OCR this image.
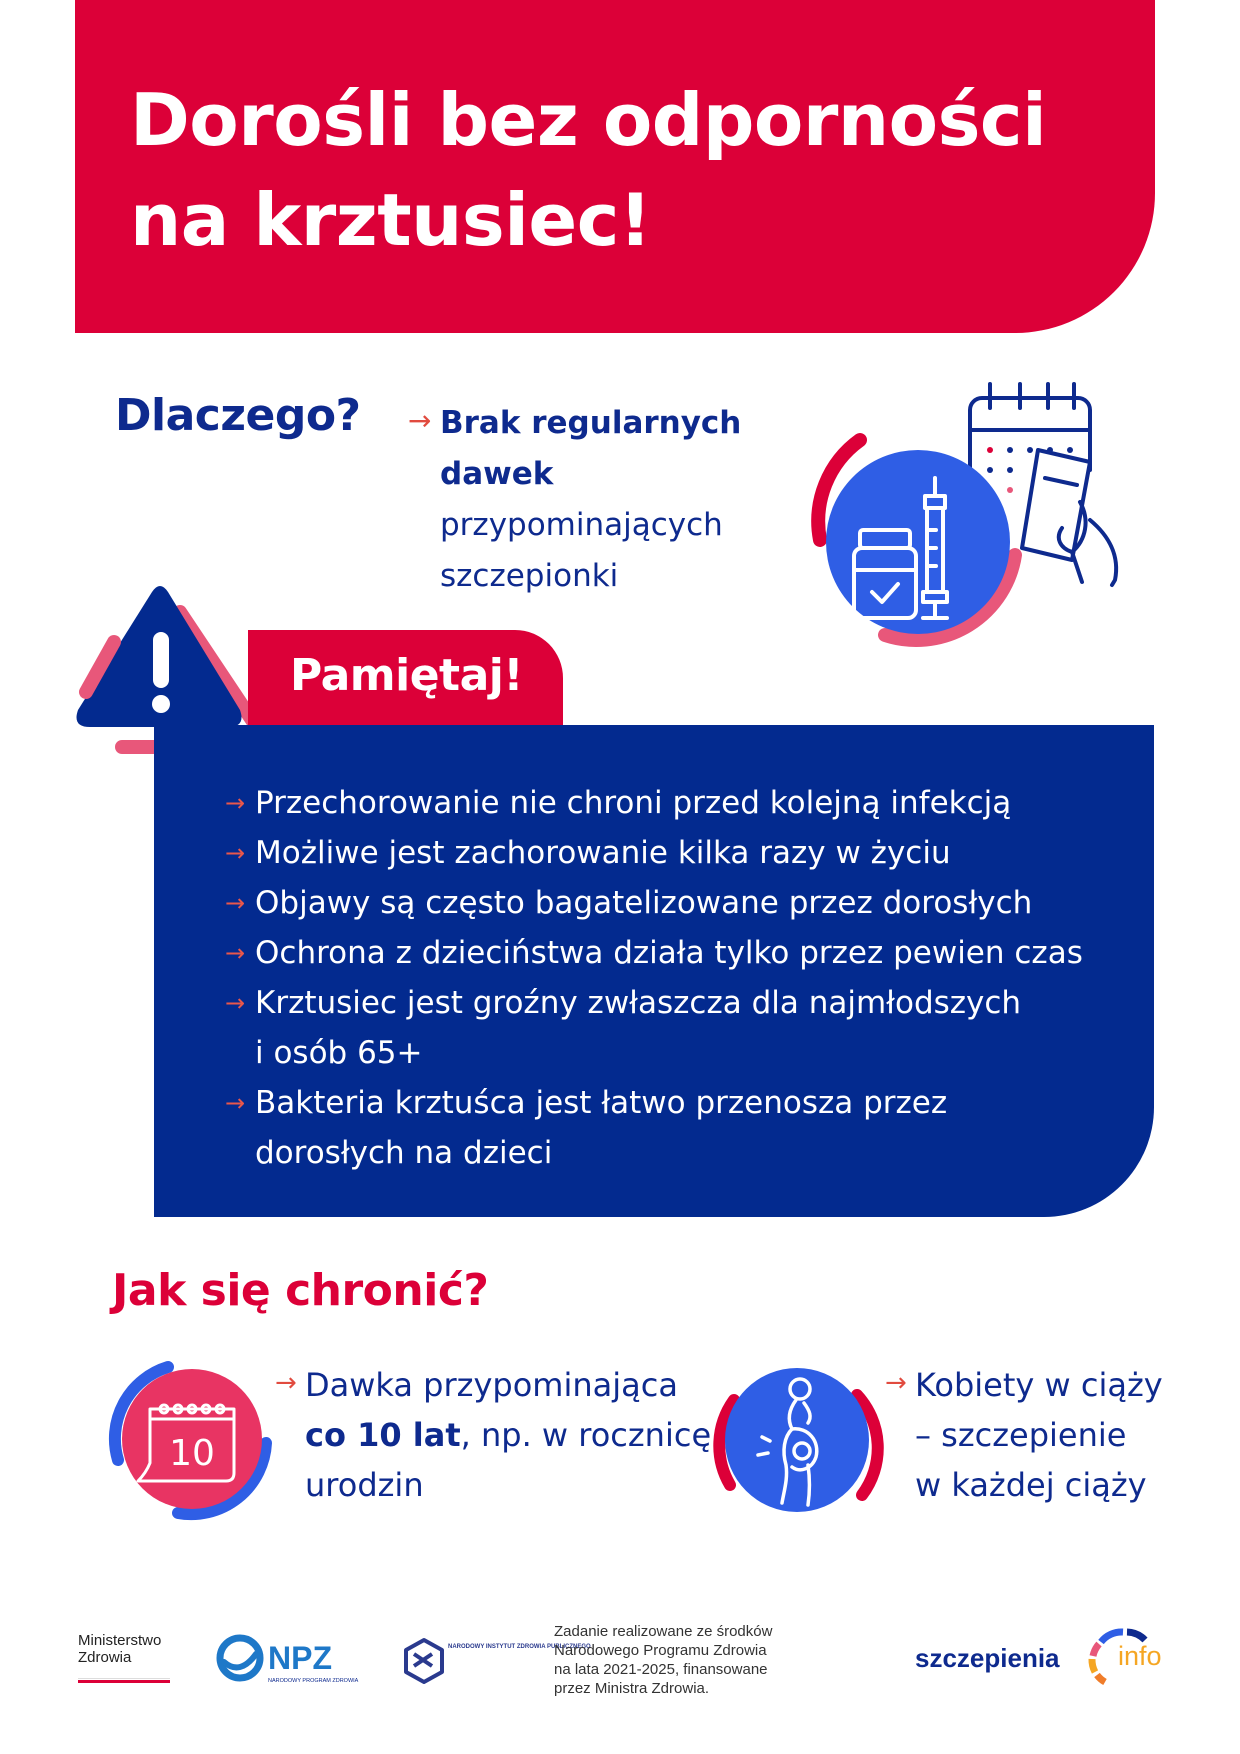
Dorośli bez odporności
na krztusiec!
Dlaczego? → Brak regularnych
dawek
przypominających
szczepionki
Pamiętaj!
→ Przechorowanie nie chroni przed kolejną infekcją
→ Możliwe jest zachorowanie kilka razy w życiu
→ Objawy są często bagatelizowane przez dorosłych
→ Ochrona z dzieciństwa działa tylko przez pewien czas
→ Krztusiec jest groźny zwłaszcza dla najmłodszych
i osób 65+
→ Bakteria krztuśca jest łatwo przenosza przez
dorosłych na dzieci
Jak się chronić?
10
→ Dawka przypominająca
co 10 lat, np. w rocznicę
urodzin
→ Kobiety w ciąży
– szczepienie
w każdej ciąży
Ministerstwo
Zdrowia	NPZ
NARODOWY PROGRAM ZDROWIA
NARODOWY INSTYTUT ZDROWIA PUBLICZNEGO
Zadanie realizowane ze środków
Narodowego Programu Zdrowia
na lata 2021-2025, finansowane
przez Ministra Zdrowia.
szczepienia info
